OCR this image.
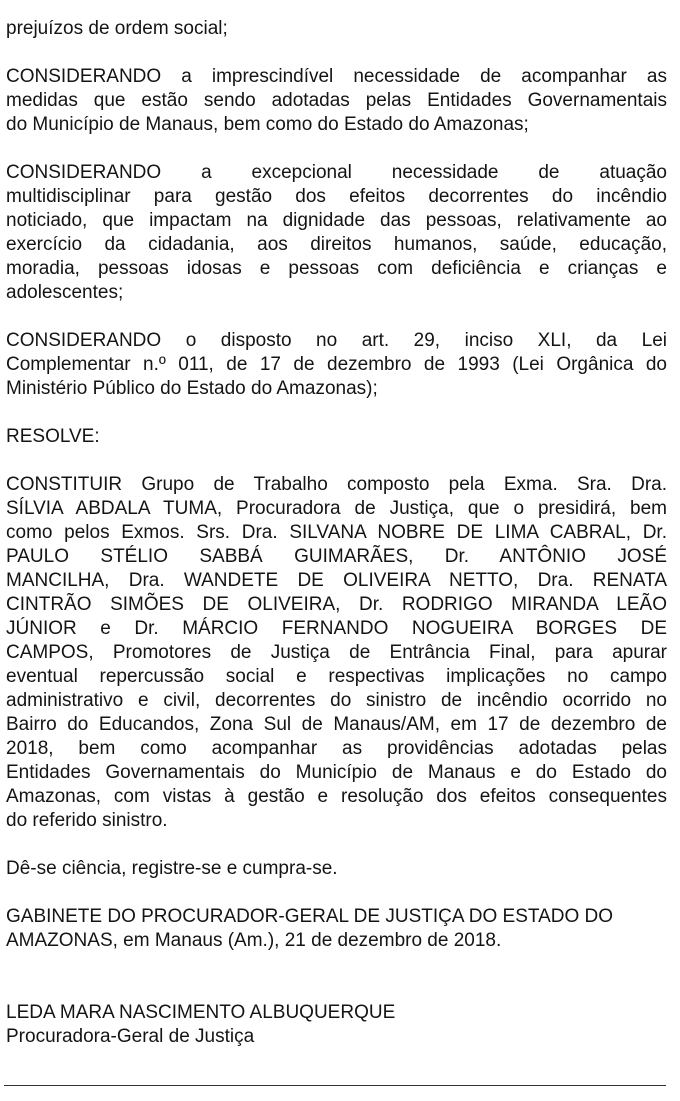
prejuízos de ordem social;
CONSIDERANDO a imprescindível necessidade de acompanhar as
medidas que estão sendo adotadas pelas Entidades Governamentais
do Município de Manaus, bem como do Estado do Amazonas;
CONSIDERANDO a excepcional necessidade de atuação
multidisciplinar para gestão dos efeitos decorrentes do incêndio
noticiado, que impactam na dignidade das pessoas, relativamente ao
exercício da cidadania, aos direitos humanos, saúde, educação,
moradia, pessoas idosas e pessoas com deficiência e crianças e
adolescentes;
CONSIDERANDO o disposto no art. 29, inciso XLI, da Lei
Complementar n.º 011, de 17 de dezembro de 1993 (Lei Orgânica do
Ministério Público do Estado do Amazonas);
RESOLVE:
CONSTITUIR Grupo de Trabalho composto pela Exma. Sra. Dra.
SÍLVIA ABDALA TUMA, Procuradora de Justiça, que o presidirá, bem
como pelos Exmos. Srs. Dra. SILVANA NOBRE DE LIMA CABRAL, Dr.
PAULO STÉLIO SABBÁ GUIMARÃES, Dr. ANTÔNIO JOSÉ
MANCILHA, Dra. WANDETE DE OLIVEIRA NETTO, Dra. RENATA
CINTRÃO SIMÕES DE OLIVEIRA, Dr. RODRIGO MIRANDA LEÃO
JÚNIOR e Dr. MÁRCIO FERNANDO NOGUEIRA BORGES DE
CAMPOS, Promotores de Justiça de Entrância Final, para apurar
eventual repercussão social e respectivas implicações no campo
administrativo e civil, decorrentes do sinistro de incêndio ocorrido no
Bairro do Educandos, Zona Sul de Manaus/AM, em 17 de dezembro de
2018, bem como acompanhar as providências adotadas pelas
Entidades Governamentais do Município de Manaus e do Estado do
Amazonas, com vistas à gestão e resolução dos efeitos consequentes
do referido sinistro.
Dê-se ciência, registre-se e cumpra-se.
GABINETE DO PROCURADOR-GERAL DE JUSTIÇA DO ESTADO DO
AMAZONAS, em Manaus (Am.), 21 de dezembro de 2018.
LEDA MARA NASCIMENTO ALBUQUERQUE
Procuradora-Geral de Justiça
